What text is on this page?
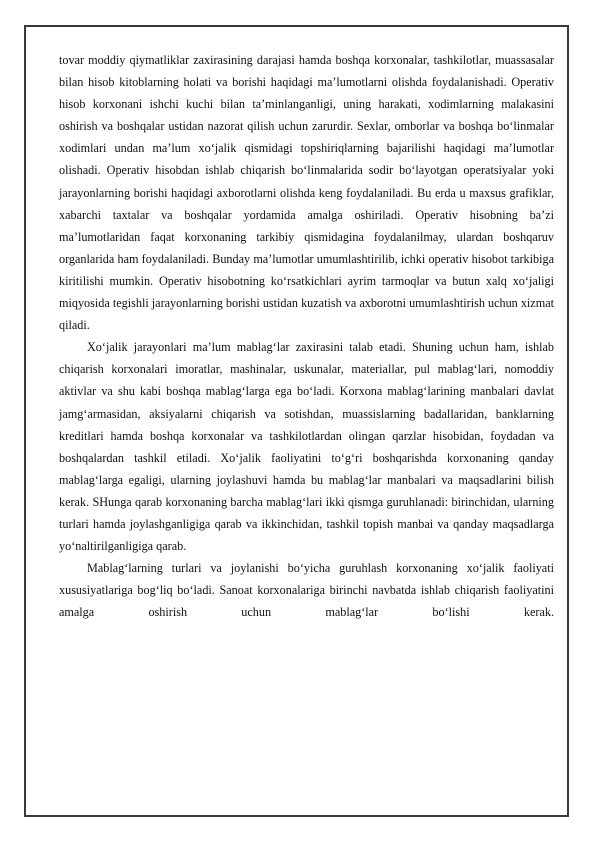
tovar moddiy qiymatliklar zaxirasining darajasi hamda boshqa korxonalar, tashkilotlar, muassasalar bilan hisob kitoblarning holati va borishi haqidagi ma’lumotlarni olishda foydalanishadi. Operativ hisob korxonani ishchi kuchi bilan ta’minlanganligi, uning harakati, xodimlarning malakasini oshirish va boshqalar ustidan nazorat qilish uchun zarurdir. Sexlar, omborlar va boshqa bo‘linmalar xodimlari undan ma’lum xo‘jalik qismidagi topshiriqlarning bajarilishi haqidagi ma’lumotlar olishadi. Operativ hisobdan ishlab chiqarish bo‘linmalarida sodir bo‘layotgan operatsiyalar yoki jarayonlarning borishi haqidagi axborotlarni olishda keng foydalaniladi. Bu erda u maxsus grafiklar, xabarchi taxtalar va boshqalar yordamida amalga oshiriladi. Operativ hisobning ba’zi ma’lumotlaridan faqat korxonaning tarkibiy qismidagina foydalanilmay, ulardan boshqaruv organlarida ham foydalaniladi. Bunday ma’lumotlar umumlashtirilib, ichki operativ hisobot tarkibiga kiritilishi mumkin. Operativ hisobotning ko‘rsatkichlari ayrim tarmoqlar va butun xalq xo‘jaligi miqyosida tegishli jarayonlarning borishi ustidan kuzatish va axborotni umumlashtirish uchun xizmat qiladi.

Xo‘jalik jarayonlari ma’lum mablag‘lar zaxirasini talab etadi. Shuning uchun ham, ishlab chiqarish korxonalari imoratlar, mashinalar, uskunalar, materiallar, pul mablag‘lari, nomoddiy aktivlar va shu kabi boshqa mablag‘larga ega bo‘ladi. Korxona mablag‘larining manbalari davlat jamg‘armasidan, aksiyalarni chiqarish va sotishdan, muassislarning badallaridan, banklarning kreditlari hamda boshqa korxonalar va tashkilotlardan olingan qarzlar hisobidan, foydadan va boshqalardan tashkil etiladi. Xo‘jalik faoliyatini to‘g‘ri boshqarishda korxonaning qanday mablag‘larga egaligi, ularning joylashuvi hamda bu mablag‘lar manbalari va maqsadlarini bilish kerak. SHunga qarab korxonaning barcha mablag‘lari ikki qismga guruhlanadi: birinchidan, ularning turlari hamda joylashganligiga qarab va ikkinchidan, tashkil topish manbai va qanday maqsadlarga yo‘naltirilganligiga qarab.

Mablag‘larning turlari va joylanishi bo‘yicha guruhlash korxonaning xo‘jalik faoliyati xususiyatlariga bog‘liq bo‘ladi. Sanoat korxonalariga birinchi navbatda ishlab chiqarish faoliyatini amalga oshirish uchun mablag‘lar bo‘lishi kerak.
